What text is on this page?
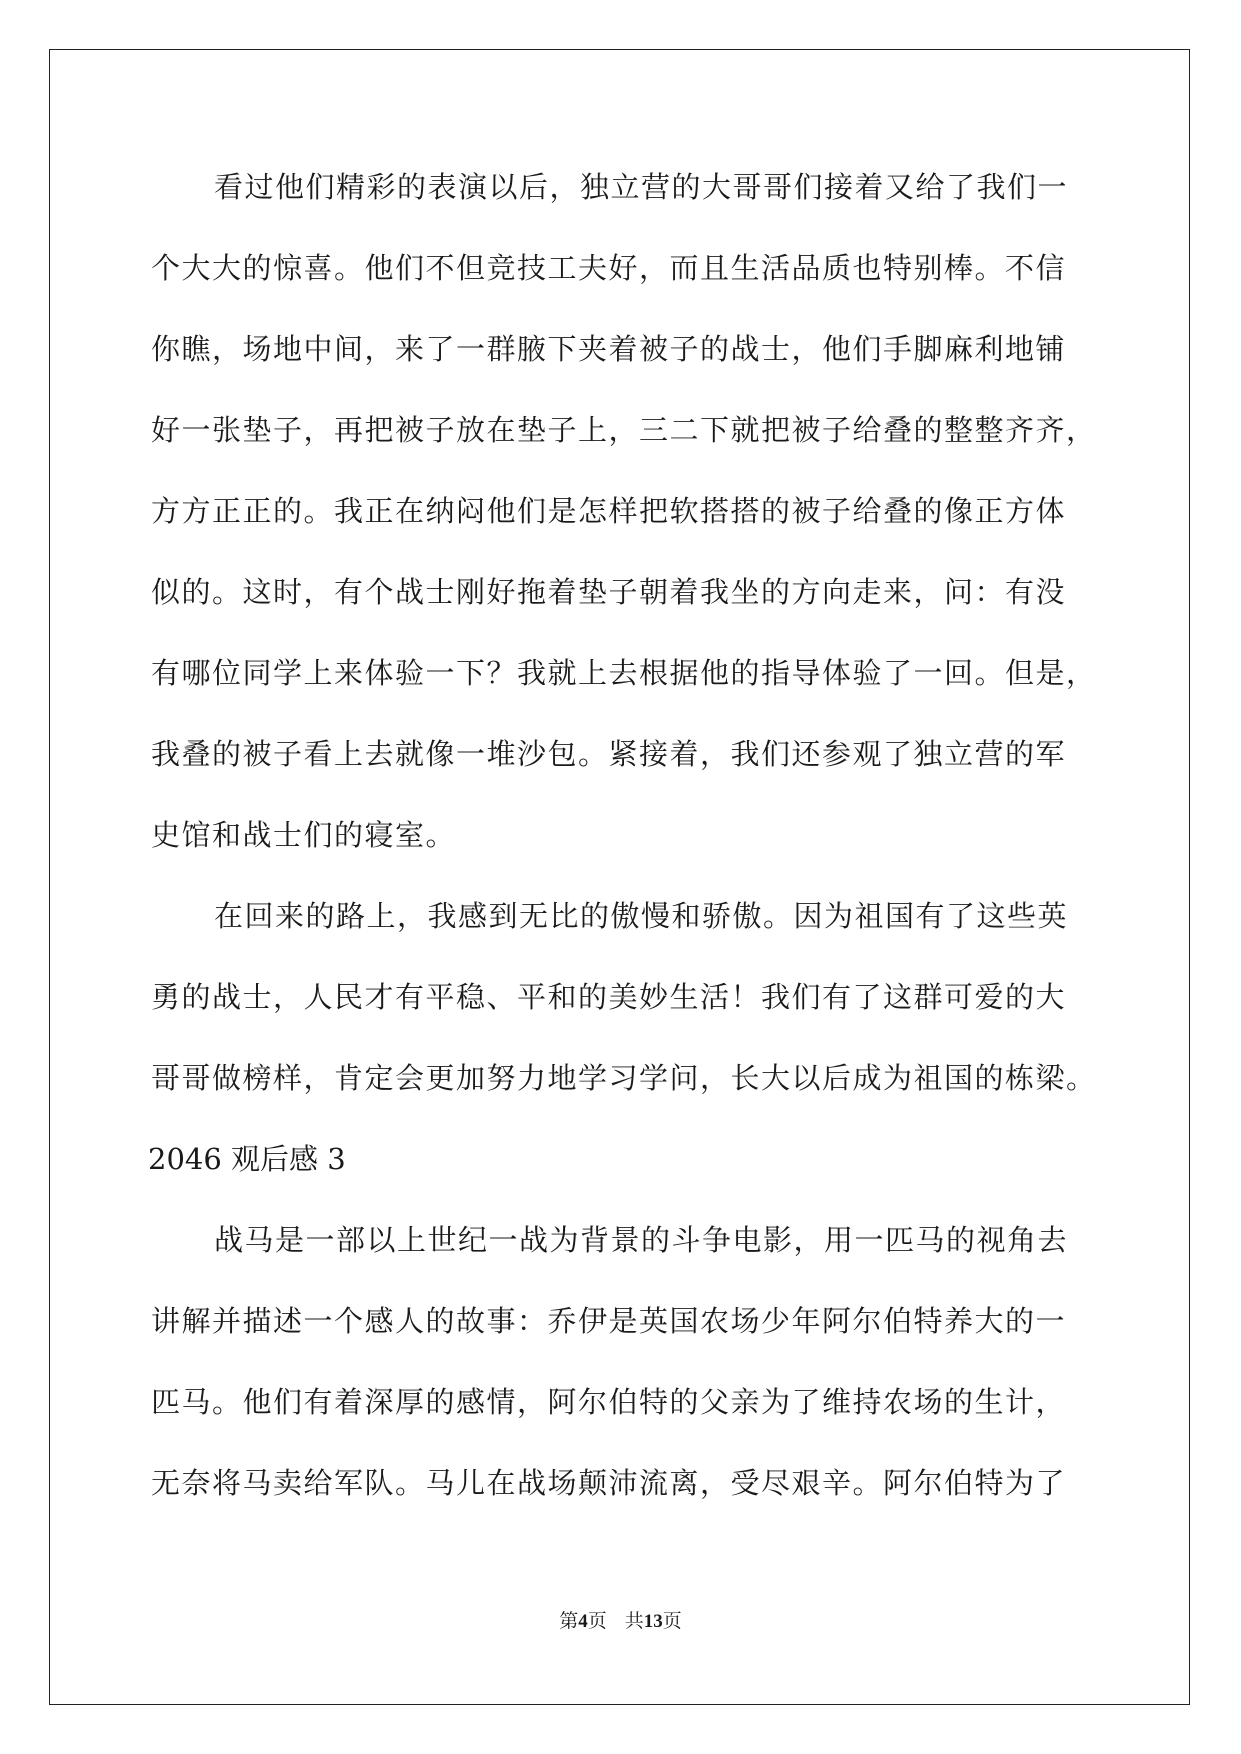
看过他们精彩的表演以后，独立营的大哥哥们接着又给了我们一
个大大的惊喜。他们不但竞技工夫好，而且生活品质也特别棒。不信
你瞧，场地中间，来了一群腋下夹着被子的战士，他们手脚麻利地铺
好一张垫子，再把被子放在垫子上，三二下就把被子给叠的整整齐齐，
方方正正的。我正在纳闷他们是怎样把软搭搭的被子给叠的像正方体
似的。这时，有个战士刚好拖着垫子朝着我坐的方向走来，问：有没
有哪位同学上来体验一下？我就上去根据他的指导体验了一回。但是，
我叠的被子看上去就像一堆沙包。紧接着，我们还参观了独立营的军
史馆和战士们的寝室。
在回来的路上，我感到无比的傲慢和骄傲。因为祖国有了这些英
勇的战士，人民才有平稳、平和的美妙生活！我们有了这群可爱的大
哥哥做榜样，肯定会更加努力地学习学问，长大以后成为祖国的栋梁。
2046 观后感 3
战马是一部以上世纪一战为背景的斗争电影，用一匹马的视角去
讲解并描述一个感人的故事：乔伊是英国农场少年阿尔伯特养大的一
匹马。他们有着深厚的感情，阿尔伯特的父亲为了维持农场的生计，
无奈将马卖给军队。马儿在战场颠沛流离，受尽艰辛。阿尔伯特为了
第4页 共13页
